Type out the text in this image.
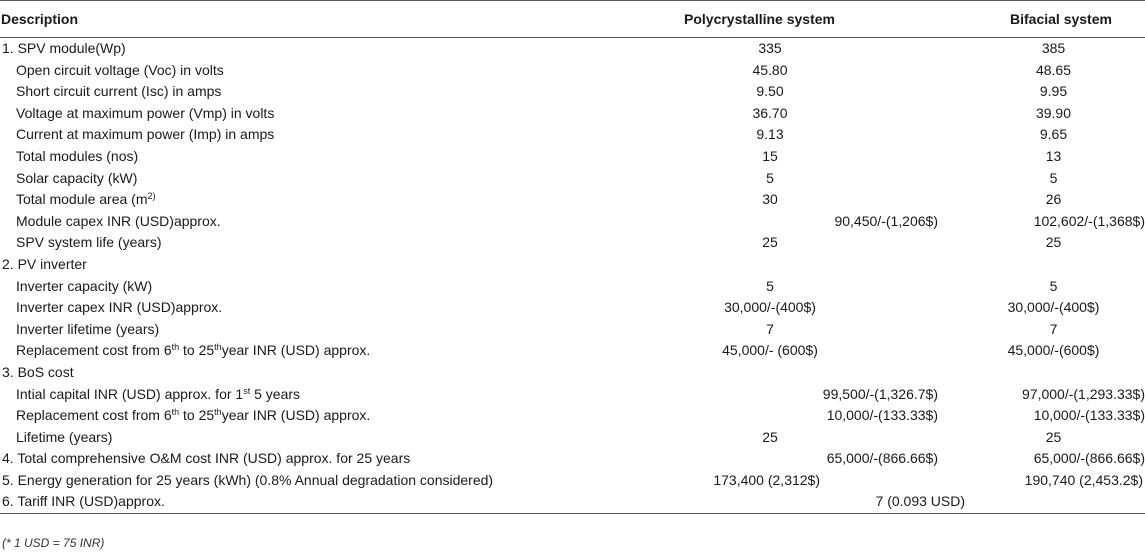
Description	Polycrystalline system	Bifacial system
1. SPV module(Wp)	335	385
Open circuit voltage (Voc) in volts	45.80	48.65
Short circuit current (Isc) in amps	9.50	9.95
Voltage at maximum power (Vmp) in volts	36.70	39.90
Current at maximum power (Imp) in amps	9.13	9.65
Total modules (nos)	15	13
Solar capacity (kW)	5	5
Total module area ($m^{2)}$	30	26
Module capex INR (USD)approx.	90,450/-(1,206$)	102,602/-(1,368$)
SPV system life (years)	25	25
2. PV inverter		
Inverter capacity (kW)	5	5
Inverter capex INR (USD)approx.	30,000/-(400$)	30,000/-(400$)
Inverter lifetime (years)	7	7
Replacement cost from 6th to 25thyear INR (USD) approx.	45,000/- (600$)	45,000/-(600$)
3. BoS cost		
Intial capital INR (USD) approx. for 1st 5 years	99,500/-(1,326.7$)	97,000/-(1,293.33$)
Replacement cost from 6th to 25thyear INR (USD) approx.	10,000/-(133.33$)	10,000/-(133.33$)
Lifetime (years)	25	25
4. Total comprehensive O&M cost INR (USD) approx. for 25 years	65,000/-(866.66$)	65,000/-(866.66$)
5. Energy generation for 25 years (kWh) (0.8% Annual degradation considered)	173,400 (2,312$)	190,740 (2,453.2$)
6. Tariff INR (USD)approx.	7 (0.093 USD)	
(* 1 USD = 75 INR)
